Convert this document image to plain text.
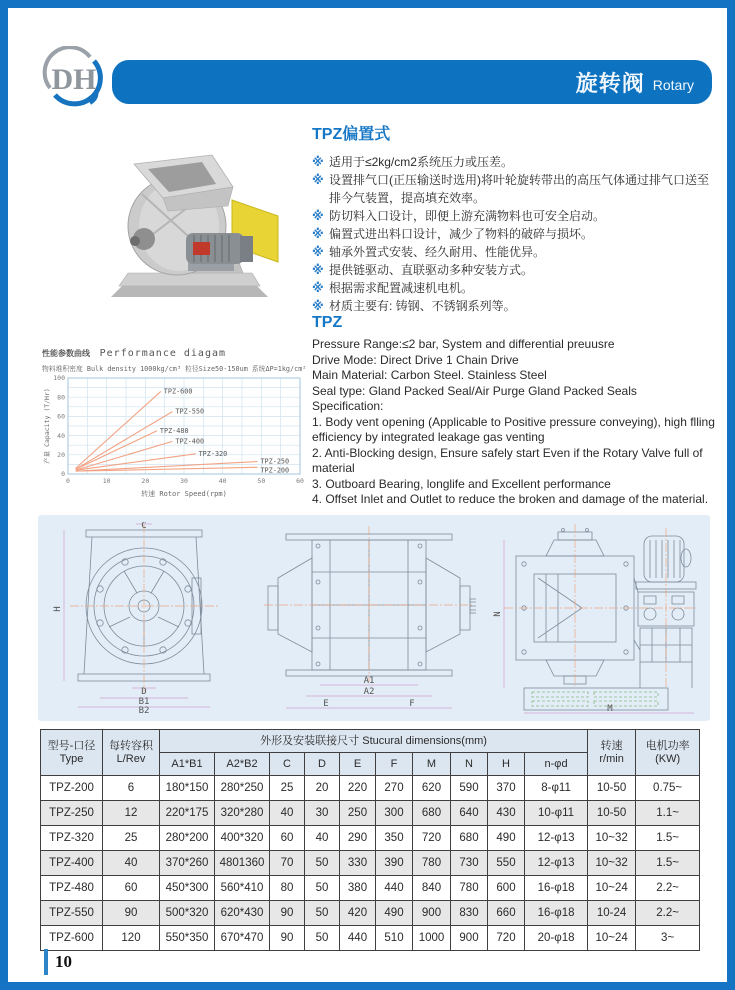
DH	旋转阀 Rotary
TPZ偏置式
※ 适用于≤2kg/cm2系统压力或压差。
※ 设置排气口(正压输送时选用)将叶轮旋转带出的高压气体通过排气口送至排今气装置，提高填充效率。
※ 防切料入口设计，即便上游充满物料也可安全启动。
※ 偏置式进出料口设计，减少了物料的破碎与损坏。
※ 轴承外置式安装、经久耐用、性能优异。
※ 提供链驱动、直联驱动多种安装方式。
※ 根据需求配置减速机电机。
※ 材质主要有: 铸钢、不锈钢系列等。
性能参数曲线 Performance diagam
物料堆积密度 Bulk density 1000kg/cm³ 粒径Size50-150um 系统ΔP=1kg/cm²
0	10	20	30	40	50	60
0
20
40
60
80
100
转速 Rotor Speed(rpm)
产量 Capacity (T/Hr)	TPZ-600
TPZ-550
TPZ-480
TPZ-400
TPZ-320
TPZ-250
TPZ-200
TPZ
Pressure Range:≤2 bar, System and differential preuusre
Drive Mode: Direct Drive 1 Chain Drive
Main Material: Carbon Steel. Stainless Steel
Seal type: Gland Packed Seal/Air Purge Gland Packed Seals
Specification:
1. Body vent opening (Applicable to Positive pressure conveying), high flling efficiency by integrated leakage gas venting
2. Anti-Blocking design, Ensure safely start Even if the Rotary Valve full of material
3. Outboard Bearing, longlife and Excellent performance
4. Offset Inlet and Outlet to reduce the broken and damage of the material.
C
H
D
B1
B2
A1
A2
E	F
N
M
型号-口径
Type

每转容积
L/Rev
	外形及安装联接尺寸 Stucural dimensions(mm)	转速
r/min

电机功率
(KW)

		A1*B1	A2*B2	C	D	E	F	M	N	H	n-φd		
TPZ-200	6	180*150	280*250	25	20	220	270	620	590	370	8-φ11	10-50	0.75~
TPZ-250	12	220*175	320*280	40	30	250	300	680	640	430	10-φ11	10-50	1.1~
TPZ-320	25	280*200	400*320	60	40	290	350	720	680	490	12-φ13	10~32	1.5~
TPZ-400	40	370*260	4801360	70	50	330	390	780	730	550	12-φ13	10~32	1.5~
TPZ-480	60	450*300	560*410	80	50	380	440	840	780	600	16-φ18	10~24	2.2~
TPZ-550	90	500*320	620*430	90	50	420	490	900	830	660	16-φ18	10-24	2.2~
TPZ-600	120	550*350	670*470	90	50	440	510	1000	900	720	20-φ18	10~24	3~
10
